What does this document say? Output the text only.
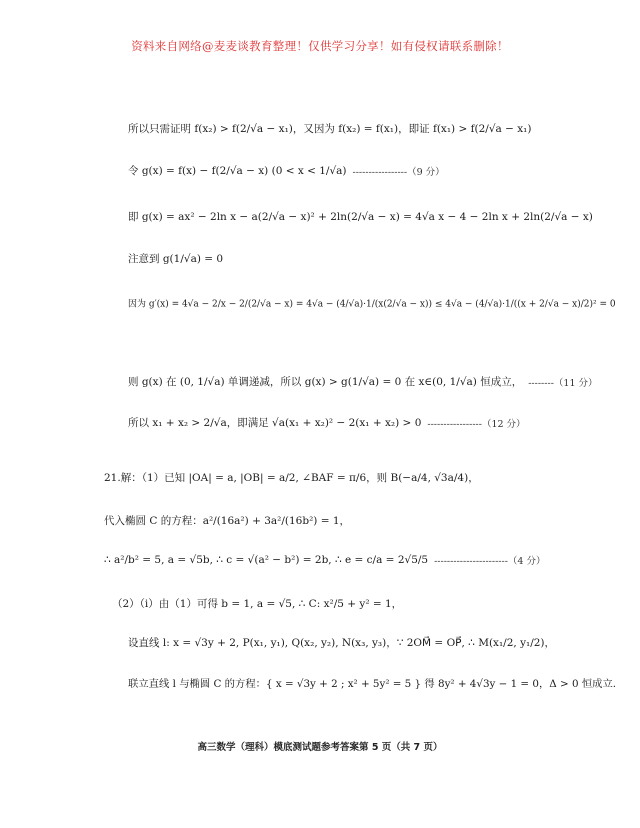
资料来自网络@麦麦谈教育整理！仅供学习分享！如有侵权请联系删除！
所以只需证明 f(x₂) > f(2/√a − x₁)，又因为 f(x₂) = f(x₁)，即证 f(x₁) > f(2/√a − x₁)
令 g(x) = f(x) − f(2/√a − x) (0 < x < 1/√a) -----------------（9 分）
即 g(x) = ax² − 2ln x − a(2/√a − x)² + 2ln(2/√a − x) = 4√a x − 4 − 2ln x + 2ln(2/√a − x)
注意到 g(1/√a) = 0
因为 g′(x) = 4√a − 2/x − 2/(2/√a − x) = 4√a − (4/√a)·1/(x(2/√a − x)) ≤ 4√a − (4/√a)·1/((x + 2/√a − x)/2)² = 0
则 g(x) 在 (0, 1/√a) 单调递减，所以 g(x) > g(1/√a) = 0 在 x∈(0, 1/√a) 恒成立， --------（11 分）
所以 x₁ + x₂ > 2/√a，即满足 √a(x₁ + x₂)² − 2(x₁ + x₂) > 0 -----------------（12 分）
21.解：（1）已知 |OA| = a, |OB| = a/2, ∠BAF = π/6，则 B(−a/4, √3a/4)，
代入椭圆 C 的方程：a²/(16a²) + 3a²/(16b²) = 1，
∴ a²/b² = 5, a = √5b, ∴ c = √(a² − b²) = 2b, ∴ e = c/a = 2√5/5 -----------------------（4 分）
（2）（i）由（1）可得 b = 1, a = √5, ∴ C: x²/5 + y² = 1，
设直线 l: x = √3y + 2, P(x₁, y₁), Q(x₂, y₂), N(x₃, y₃)，∵ 2OM⃗ = OP⃗, ∴ M(x₁/2, y₁/2)，
联立直线 l 与椭圆 C 的方程：{ x = √3y + 2 ; x² + 5y² = 5 } 得 8y² + 4√3y − 1 = 0，Δ > 0 恒成立.
高三数学（理科）模底测试题参考答案第 5 页（共 7 页）
